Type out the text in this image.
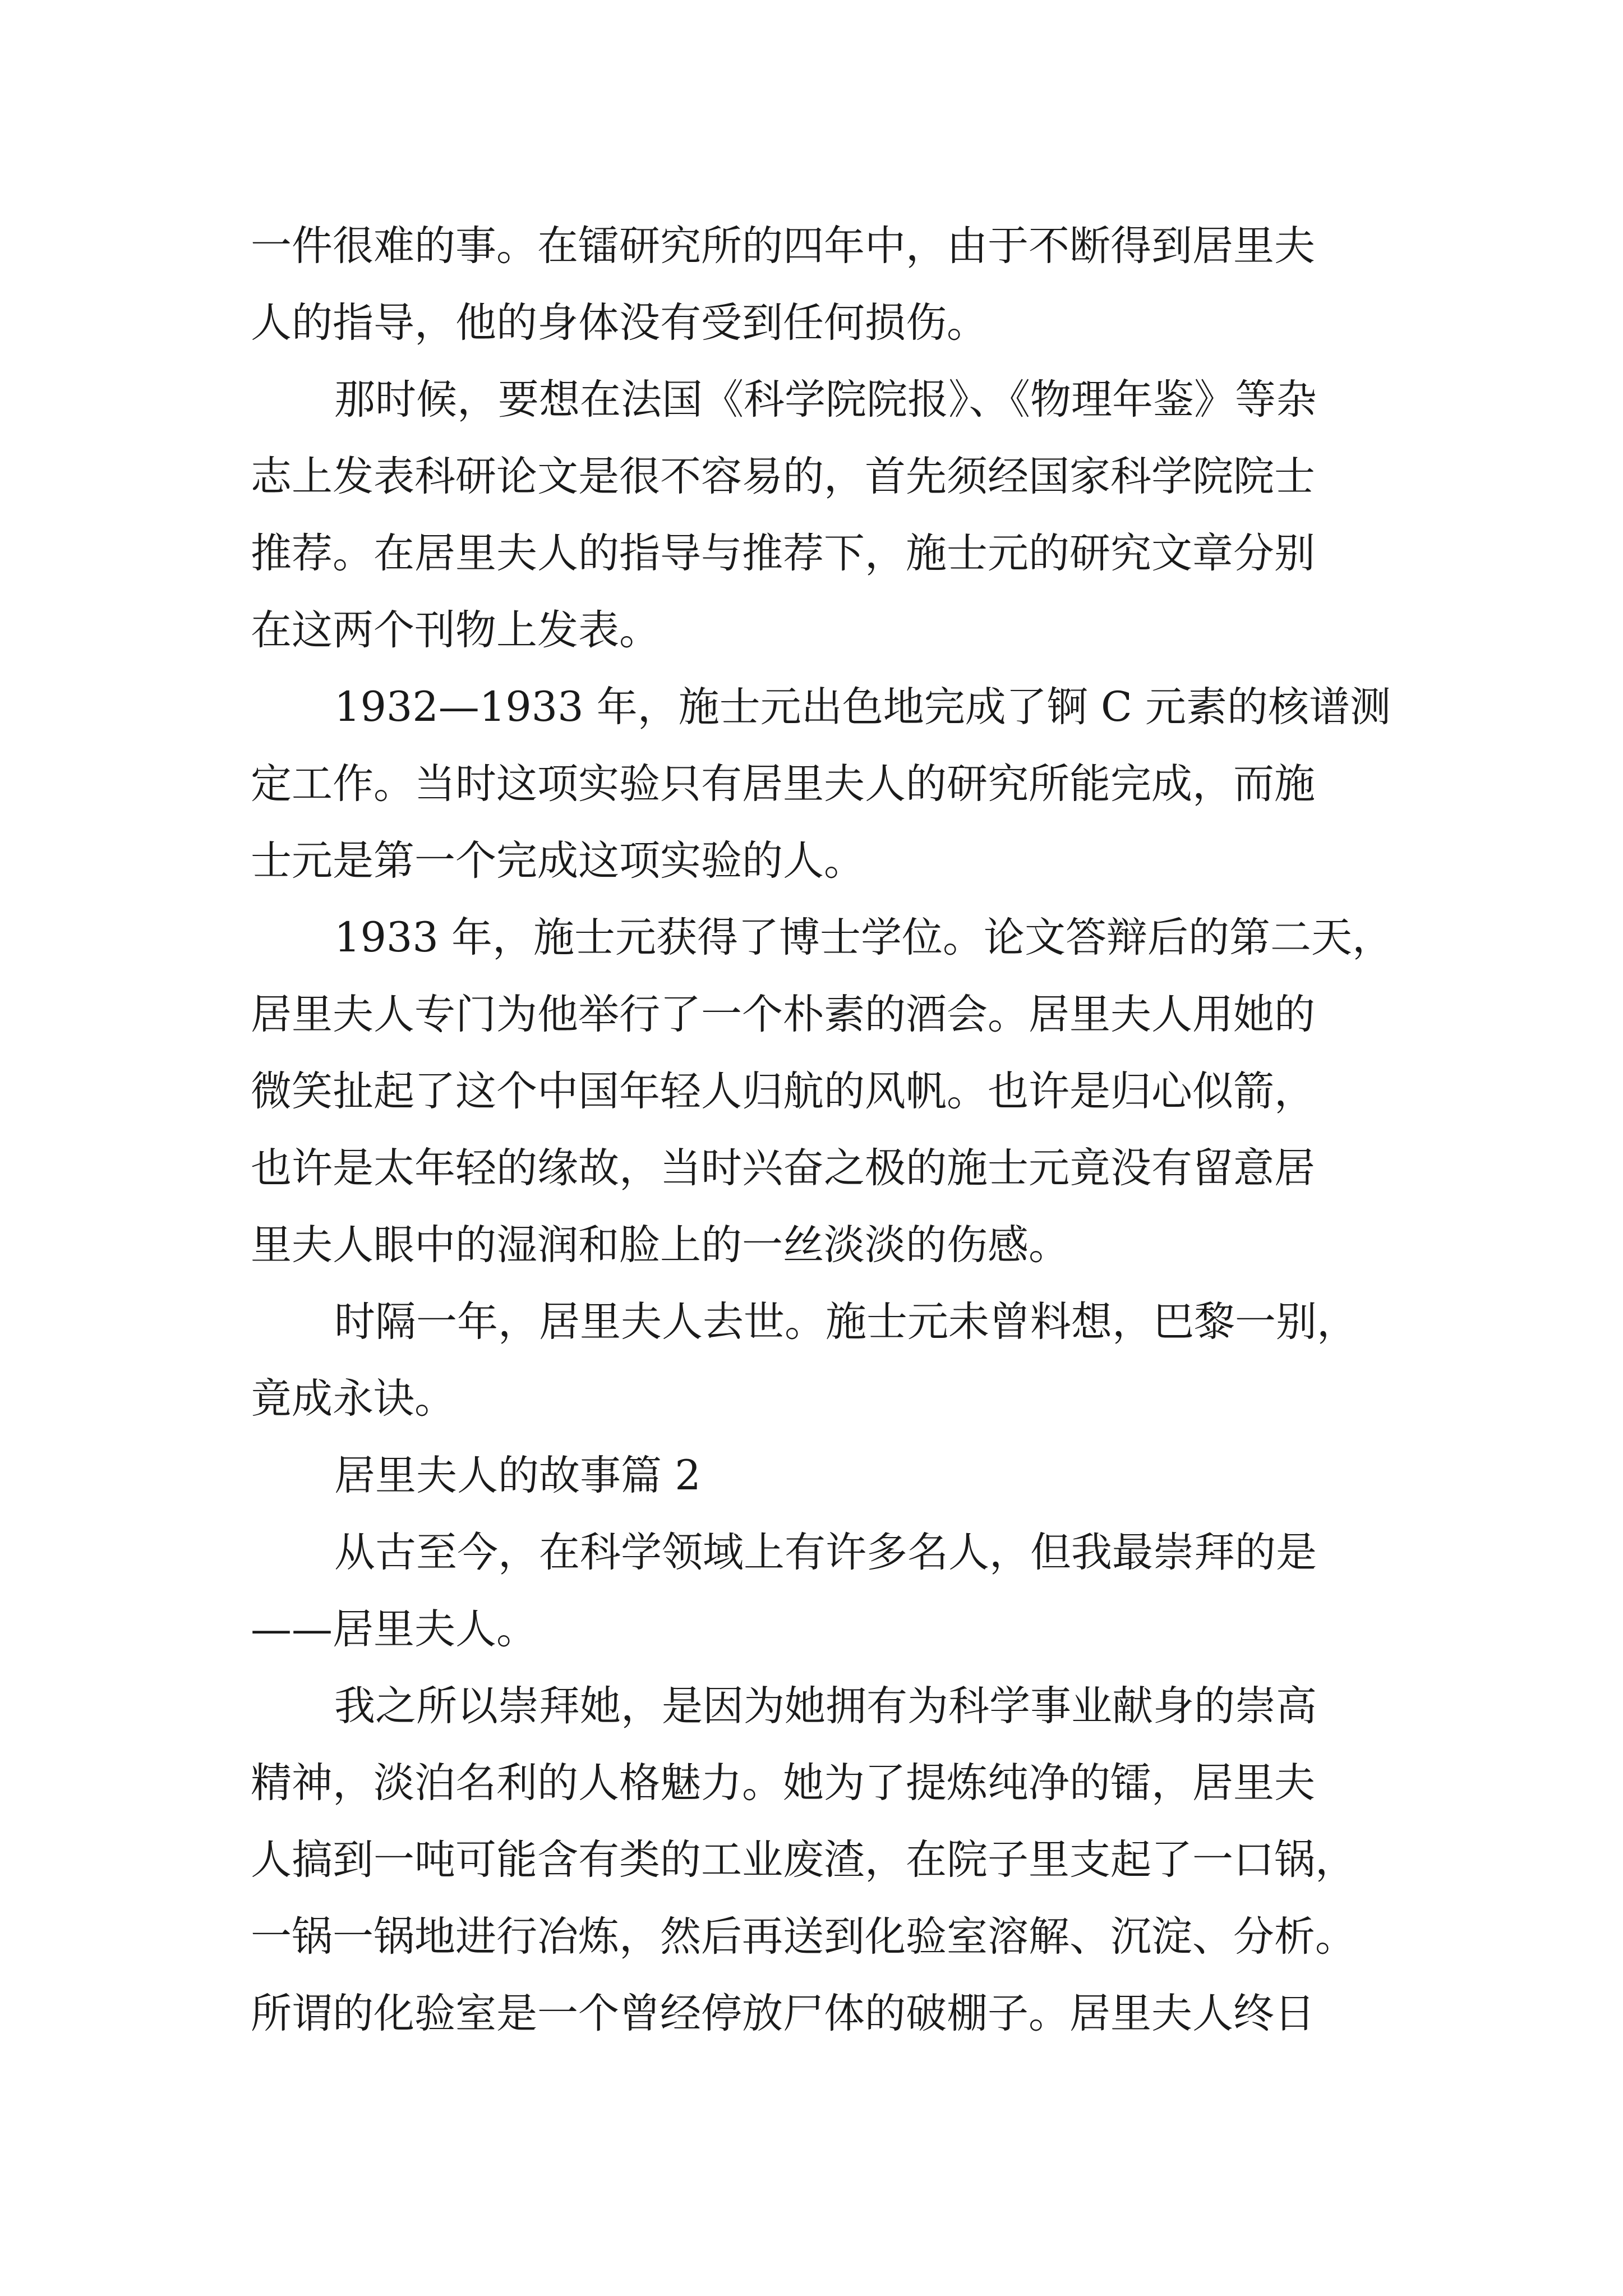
一件很难的事。在镭研究所的四年中，由于不断得到居里夫
人的指导，他的身体没有受到任何损伤。
那时候，要想在法国《科学院院报》、《物理年鉴》等杂
志上发表科研论文是很不容易的，首先须经国家科学院院士
推荐。在居里夫人的指导与推荐下，施士元的研究文章分别
在这两个刊物上发表。
1932—1933 年，施士元出色地完成了锕 C 元素的核谱测
定工作。当时这项实验只有居里夫人的研究所能完成，而施
士元是第一个完成这项实验的人。
1933 年，施士元获得了博士学位。论文答辩后的第二天，
居里夫人专门为他举行了一个朴素的酒会。居里夫人用她的
微笑扯起了这个中国年轻人归航的风帆。也许是归心似箭，
也许是太年轻的缘故，当时兴奋之极的施士元竟没有留意居
里夫人眼中的湿润和脸上的一丝淡淡的伤感。
时隔一年，居里夫人去世。施士元未曾料想，巴黎一别，
竟成永诀。
居里夫人的故事篇 2
从古至今，在科学领域上有许多名人，但我最崇拜的是
——居里夫人。
我之所以崇拜她，是因为她拥有为科学事业献身的崇高
精神，淡泊名利的人格魅力。她为了提炼纯净的镭，居里夫
人搞到一吨可能含有类的工业废渣，在院子里支起了一口锅，
一锅一锅地进行冶炼，然后再送到化验室溶解、沉淀、分析。
所谓的化验室是一个曾经停放尸体的破棚子。居里夫人终日
